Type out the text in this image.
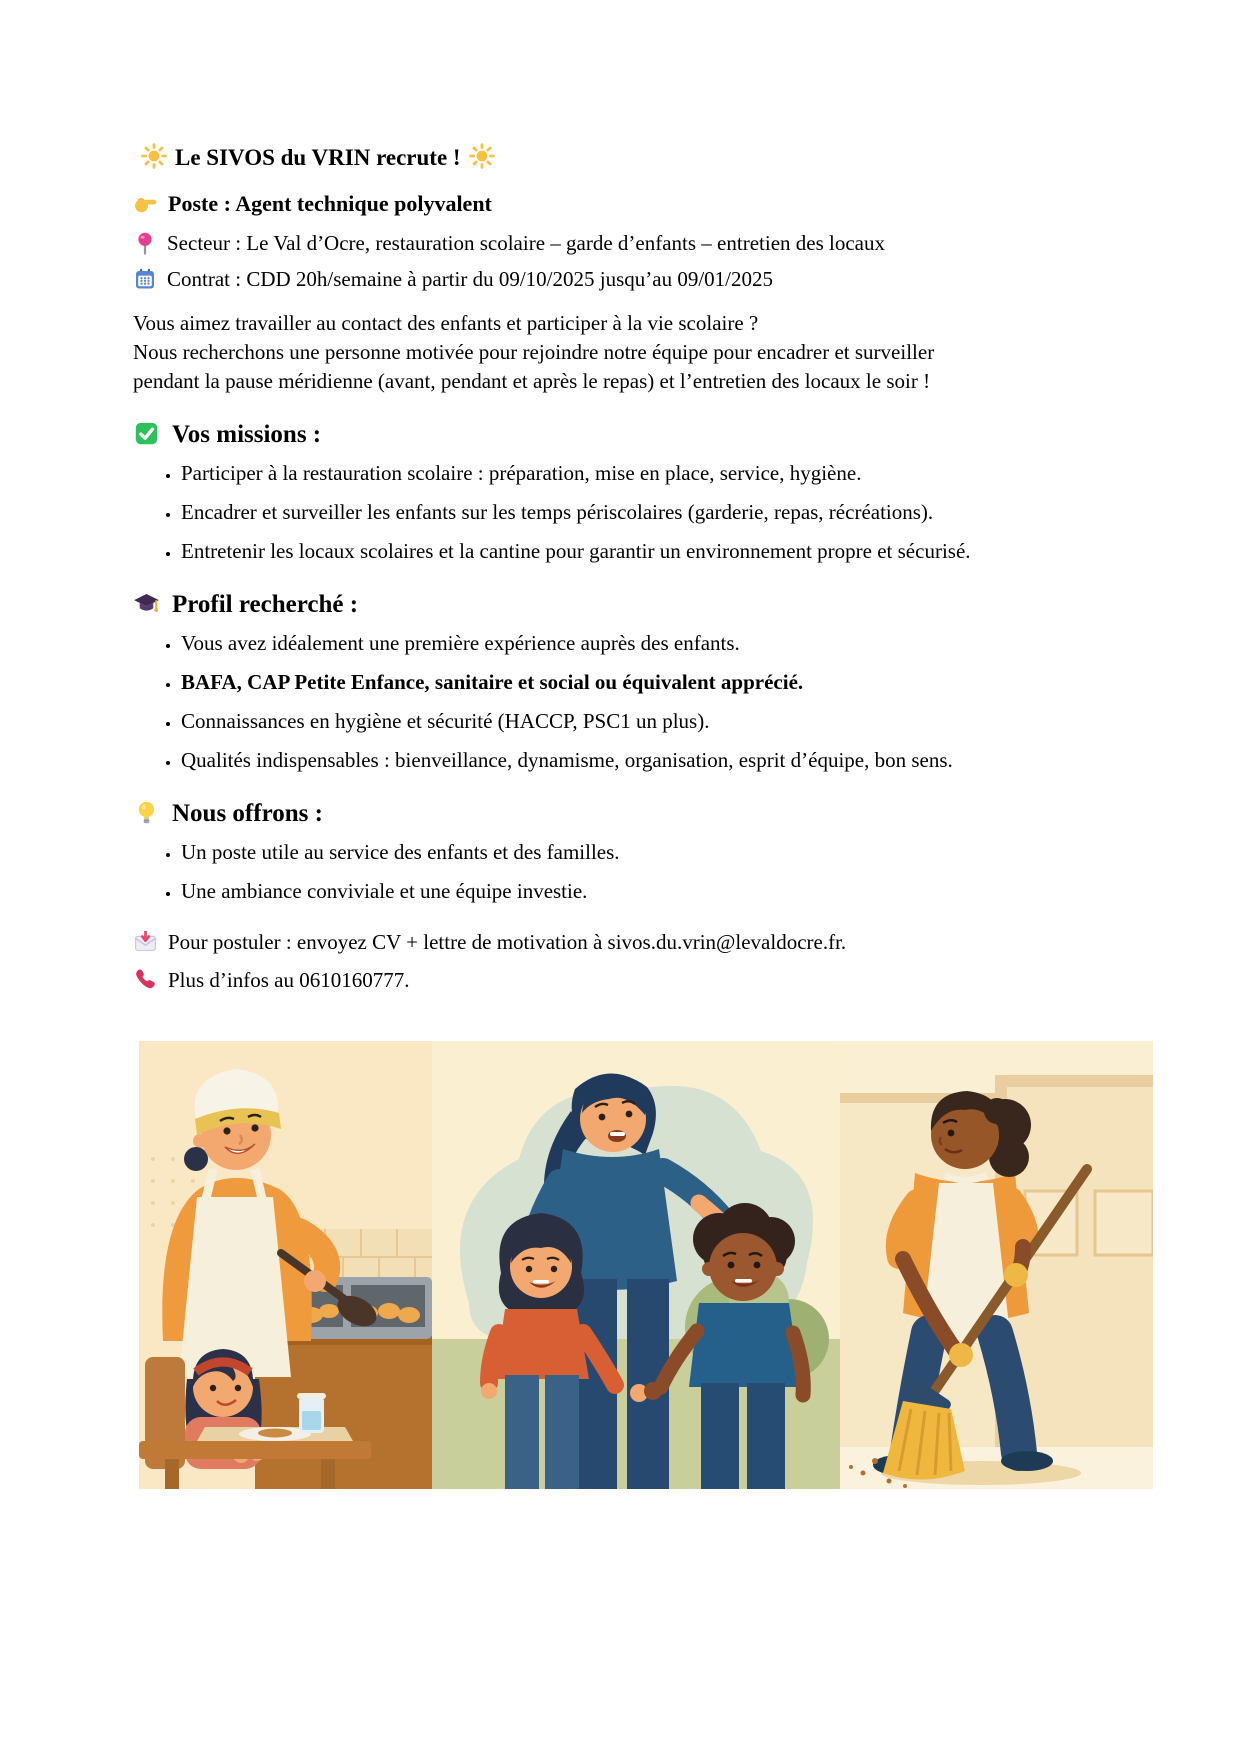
Le SIVOS du VRIN recrute !
Poste : Agent technique polyvalent
Secteur : Le Val d’Ocre, restauration scolaire – garde d’enfants – entretien des locaux
Contrat : CDD 20h/semaine à partir du 09/10/2025 jusqu’au 09/01/2025

Vous aimez travailler au contact des enfants et participer à la vie scolaire ?
Nous recherchons une personne motivée pour rejoindre notre équipe pour encadrer et surveiller pendant la pause méridienne (avant, pendant et après le repas) et l’entretien des locaux le soir !

Vos missions :
• Participer à la restauration scolaire : préparation, mise en place, service, hygiène.
• Encadrer et surveiller les enfants sur les temps périscolaires (garderie, repas, récréations).
• Entretenir les locaux scolaires et la cantine pour garantir un environnement propre et sécurisé.
Profil recherché :
• Vous avez idéalement une première expérience auprès des enfants.
• BAFA, CAP Petite Enfance, sanitaire et social ou équivalent apprécié.
• Connaissances en hygiène et sécurité (HACCP, PSC1 un plus).
• Qualités indispensables : bienveillance, dynamisme, organisation, esprit d’équipe, bon sens.
Nous offrons :
• Un poste utile au service des enfants et des familles.
• Une ambiance conviviale et une équipe investie.
Pour postuler : envoyez CV + lettre de motivation à sivos.du.vrin@levaldocre.fr.
Plus d’infos au 0610160777.
